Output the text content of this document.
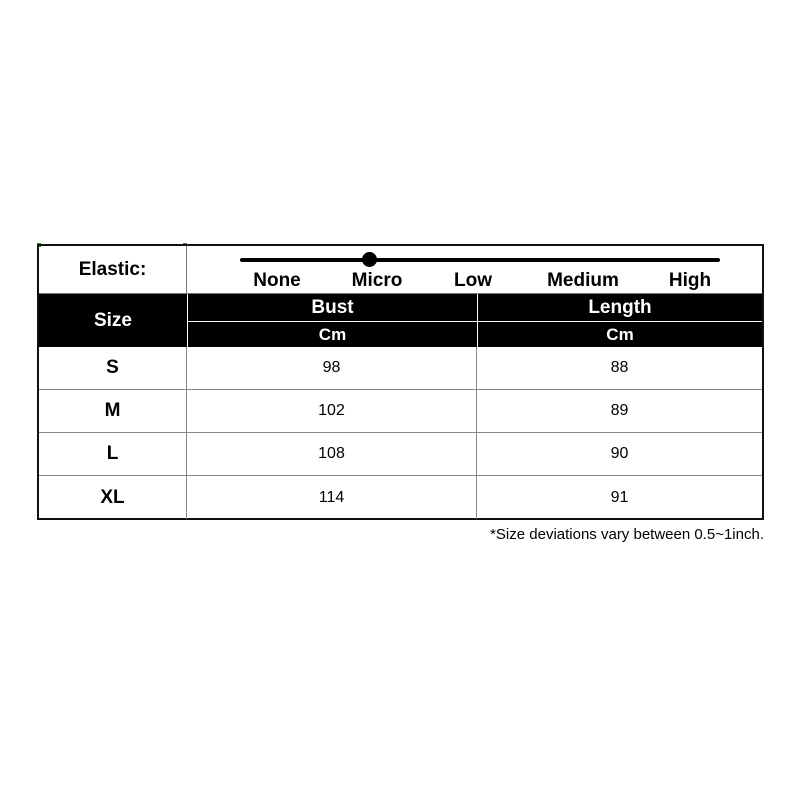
Elastic:
None	Micro	Low	Medium	High
Size
Bust	Length
Cm	Cm
S	98	88
M	102	89
L	108	90
XL	114	91
*Size deviations vary between 0.5~1inch.
